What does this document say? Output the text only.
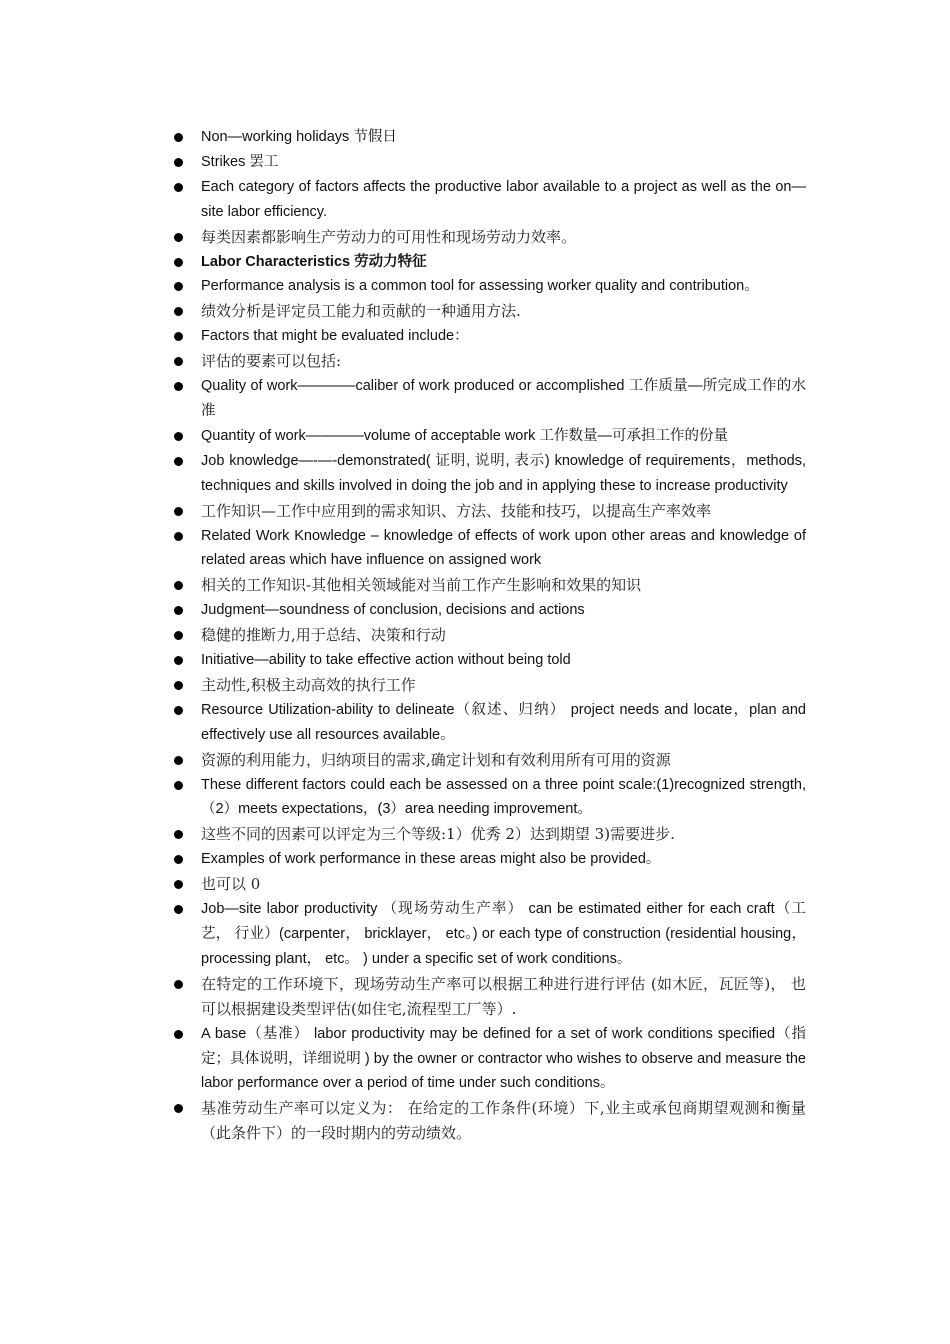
Non—working holidays 节假日
Strikes 罢工
Each category of factors affects the productive labor available to a project as well as the on—site labor efficiency.
每类因素都影响生产劳动力的可用性和现场劳动力效率。
Labor Characteristics 劳动力特征
Performance analysis is a common tool for assessing worker quality and contribution。
绩效分析是评定员工能力和贡献的一种通用方法.
Factors that might be evaluated include：
评估的要素可以包括:
Quality of work————caliber of work produced or accomplished 工作质量—所完成工作的水准
Quantity of work————volume of acceptable work 工作数量—可承担工作的份量
Job knowledge—-—-demonstrated( 证明, 说明, 表示) knowledge of requirements，methods, techniques and skills involved in doing the job and in applying these to increase productivity
工作知识—工作中应用到的需求知识、方法、技能和技巧，以提高生产率效率
Related Work Knowledge – knowledge of effects of work upon other areas and knowledge of related areas which have influence on assigned work
相关的工作知识-其他相关领域能对当前工作产生影响和效果的知识
Judgment—soundness of conclusion, decisions and actions
稳健的推断力,用于总结、决策和行动
Initiative—ability to take effective action without being told
主动性,积极主动高效的执行工作
Resource Utilization-ability to delineate（叙述、归纳） project needs and locate，plan and effectively use all resources available。
资源的利用能力，归纳项目的需求,确定计划和有效利用所有可用的资源
These different factors could each be assessed on a three point scale:(1)recognized strength,（2）meets expectations，(3）area needing improvement。
这些不同的因素可以评定为三个等级:1）优秀 2）达到期望 3)需要进步.
Examples of work performance in these areas might also be provided。
也可以 0
Job—site labor productivity （现场劳动生产率） can be estimated either for each craft（工艺， 行业）(carpenter， bricklayer， etc。) or each type of construction (residential housing， processing plant， etc。 ) under a specific set of work conditions。
在特定的工作环境下，现场劳动生产率可以根据工种进行进行评估 (如木匠，瓦匠等)， 也可以根据建设类型评估(如住宅,流程型工厂等）.
A base（基准） labor productivity may be defined for a set of work conditions specified（指定；具体说明，详细说明 ) by the owner or contractor who wishes to observe and measure the labor performance over a period of time under such conditions。
基准劳动生产率可以定义为： 在给定的工作条件(环境）下,业主或承包商期望观测和衡量（此条件下）的一段时期内的劳动绩效。
